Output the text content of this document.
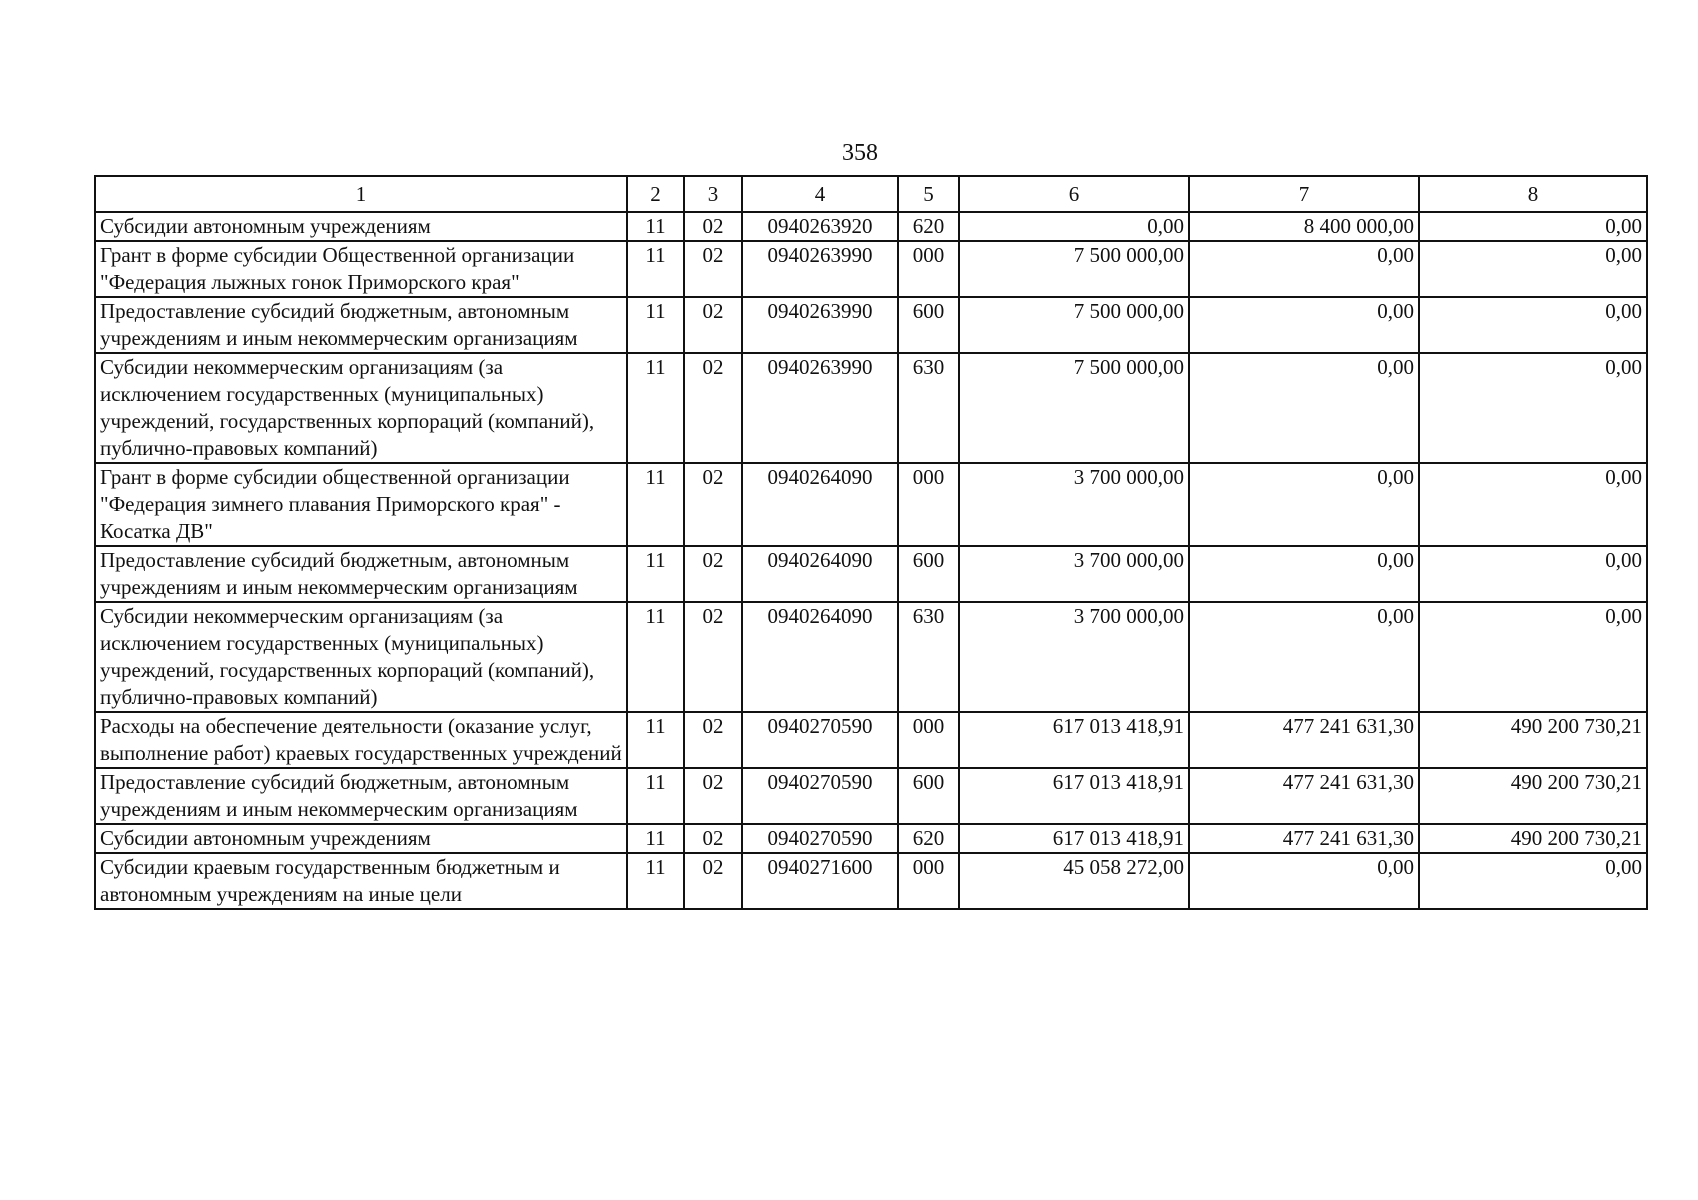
358
1	2	3	4	5	6	7	8
Субсидии автономным учреждениям	11	02	0940263920	620	0,00	8 400 000,00	0,00
Грант в форме субсидии Общественной организации "Федерация лыжных гонок Приморского края"	11	02	0940263990	000	7 500 000,00	0,00	0,00
Предоставление субсидий бюджетным, автономным учреждениям и иным некоммерческим организациям	11	02	0940263990	600	7 500 000,00	0,00	0,00
Субсидии некоммерческим организациям (за исключением государственных (муниципальных) учреждений, государственных корпораций (компаний), публично-правовых компаний)	11	02	0940263990	630	7 500 000,00	0,00	0,00
Грант в форме субсидии общественной организации "Федерация зимнего плавания Приморского края" - Косатка ДВ"	11	02	0940264090	000	3 700 000,00	0,00	0,00
Предоставление субсидий бюджетным, автономным учреждениям и иным некоммерческим организациям	11	02	0940264090	600	3 700 000,00	0,00	0,00
Субсидии некоммерческим организациям (за исключением государственных (муниципальных) учреждений, государственных корпораций (компаний), публично-правовых компаний)	11	02	0940264090	630	3 700 000,00	0,00	0,00
Расходы на обеспечение деятельности (оказание услуг, выполнение работ) краевых государственных учреждений	11	02	0940270590	000	617 013 418,91	477 241 631,30	490 200 730,21
Предоставление субсидий бюджетным, автономным учреждениям и иным некоммерческим организациям	11	02	0940270590	600	617 013 418,91	477 241 631,30	490 200 730,21
Субсидии автономным учреждениям	11	02	0940270590	620	617 013 418,91	477 241 631,30	490 200 730,21
Субсидии краевым государственным бюджетным и автономным учреждениям на иные цели	11	02	0940271600	000	45 058 272,00	0,00	0,00
